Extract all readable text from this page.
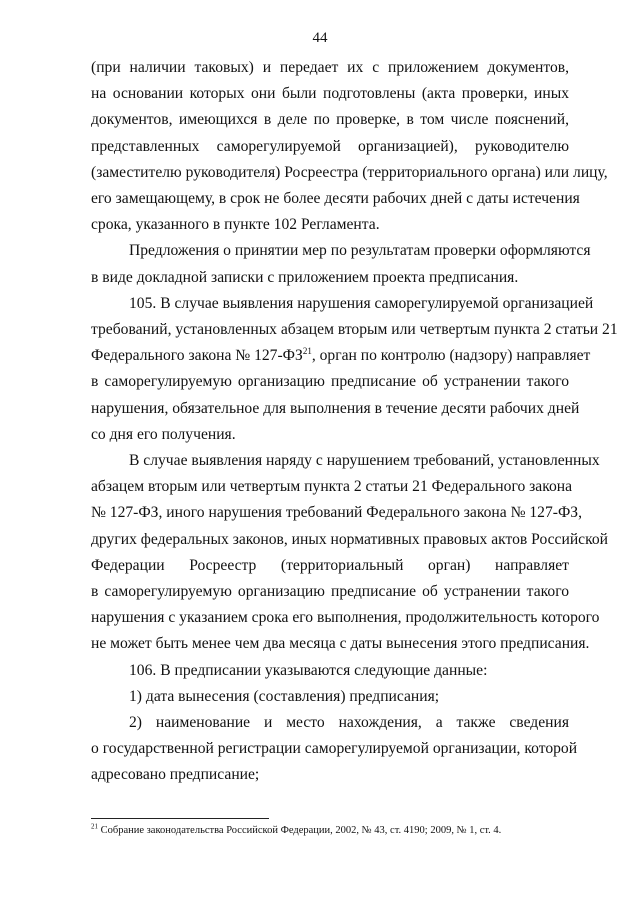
44

(при наличии таковых) и передает их с приложением документов,
на основании которых они были подготовлены (акта проверки, иных
документов, имеющихся в деле по проверке, в том числе пояснений,
представленных саморегулируемой организацией), руководителю
(заместителю руководителя) Росреестра (территориального органа) или лицу,
его замещающему, в срок не более десяти рабочих дней с даты истечения
срока, указанного в пункте 102 Регламента.

Предложения о принятии мер по результатам проверки оформляются
в виде докладной записки с приложением проекта предписания.

105. В случае выявления нарушения саморегулируемой организацией
требований, установленных абзацем вторым или четвертым пункта 2 статьи 21
Федерального закона № 127-ФЗ$^{21}$, орган по контролю (надзору) направляет
в саморегулируемую организацию предписание об устранении такого
нарушения, обязательное для выполнения в течение десяти рабочих дней
со дня его получения.

В случае выявления наряду с нарушением требований, установленных
абзацем вторым или четвертым пункта 2 статьи 21 Федерального закона
№ 127-ФЗ, иного нарушения требований Федерального закона № 127-ФЗ,
других федеральных законов, иных нормативных правовых актов Российской
Федерации Росреестр (территориальный орган) направляет
в саморегулируемую организацию предписание об устранении такого
нарушения с указанием срока его выполнения, продолжительность которого
не может быть менее чем два месяца с даты вынесения этого предписания.

106. В предписании указываются следующие данные:

1) дата вынесения (составления) предписания;

2) наименование и место нахождения, а также сведения
о государственной регистрации саморегулируемой организации, которой
адресовано предписание;

$^{21}$ Собрание законодательства Российской Федерации, 2002, № 43, ст. 4190; 2009, № 1, ст. 4.
